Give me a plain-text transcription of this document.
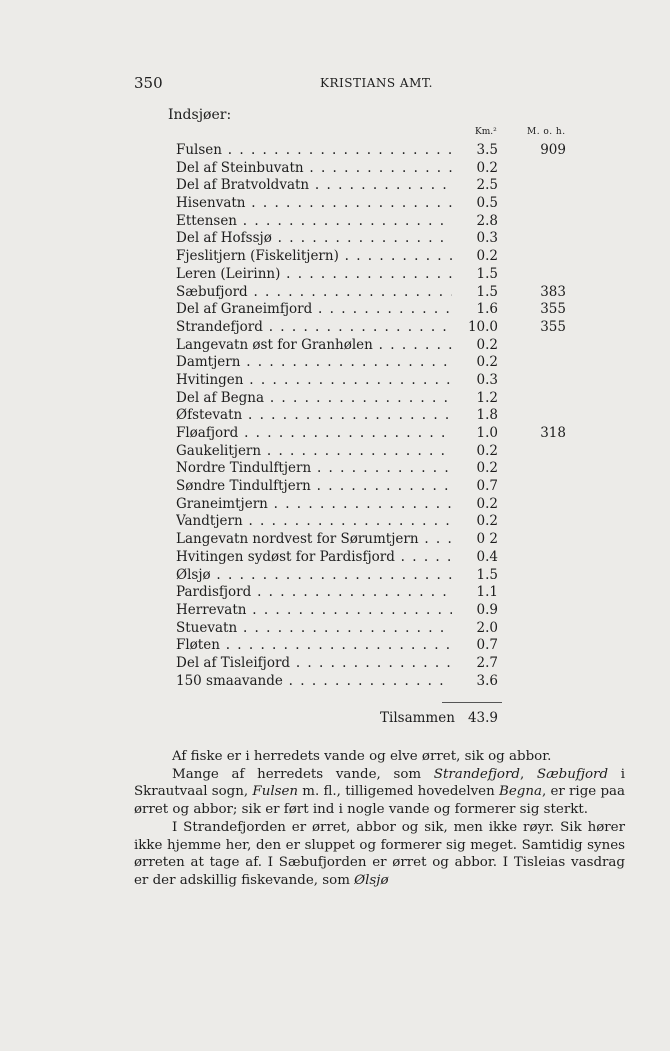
350	KRISTIANS AMT.
Indsjøer:
Km.²	M. o. h.
Fulsen . . .	3.5	909
Del af Steinbuvatn . . .	0.2
Del af Bratvoldvatn . . .	2.5
Hisenvatn . . .	0.5
Ettensen . . .	2.8
Del af Hofssjø . . .	0.3
Fjeslitjern (Fiskelitjern) . . .	0.2
Leren (Leirinn) . . .	1.5
Sæbufjord . . .	1.5	383
Del af Graneimfjord . . .	1.6	355
Strandefjord . . .	10.0	355
Langevatn øst for Granhølen . . .	0.2
Damtjern . . .	0.2
Hvitingen . . .	0.3
Del af Begna . . .	1.2
Øfstevatn . . .	1.8
Fløafjord . . .	1.0	318
Gaukelitjern . . .	0.2
Nordre Tindulftjern . . .	0.2
Søndre Tindulftjern . . .	0.7
Graneimtjern . . .	0.2
Vandtjern . . .	0.2
Langevatn nordvest for Sørumtjern . . .	0 2
Hvitingen sydøst for Pardisfjord . . .	0.4
Ølsjø . . .	1.5
Pardisfjord . . .	1.1
Herrevatn . . .	0.9
Stuevatn . . .	2.0
Fløten . . .	0.7
Del af Tisleifjord . . .	2.7
150 smaavande . . .	3.6
Tilsammen 43.9

Af fiske er i herredets vande og elve ørret, sik og abbor.

Mange af herredets vande, som Strandefjord, Sæbufjord i Skrautvaal sogn, Fulsen m. fl., tilligemed hovedelven Begna, er rige paa ørret og abbor; sik er ført ind i nogle vande og formerer sig sterkt.

I Strandefjorden er ørret, abbor og sik, men ikke røyr. Sik hører ikke hjemme her, den er sluppet og formerer sig meget. Samtidig synes ørreten at tage af. I Sæbufjorden er ørret og abbor. I Tisleias vasdrag er der adskillig fiskevande, som Ølsjø
